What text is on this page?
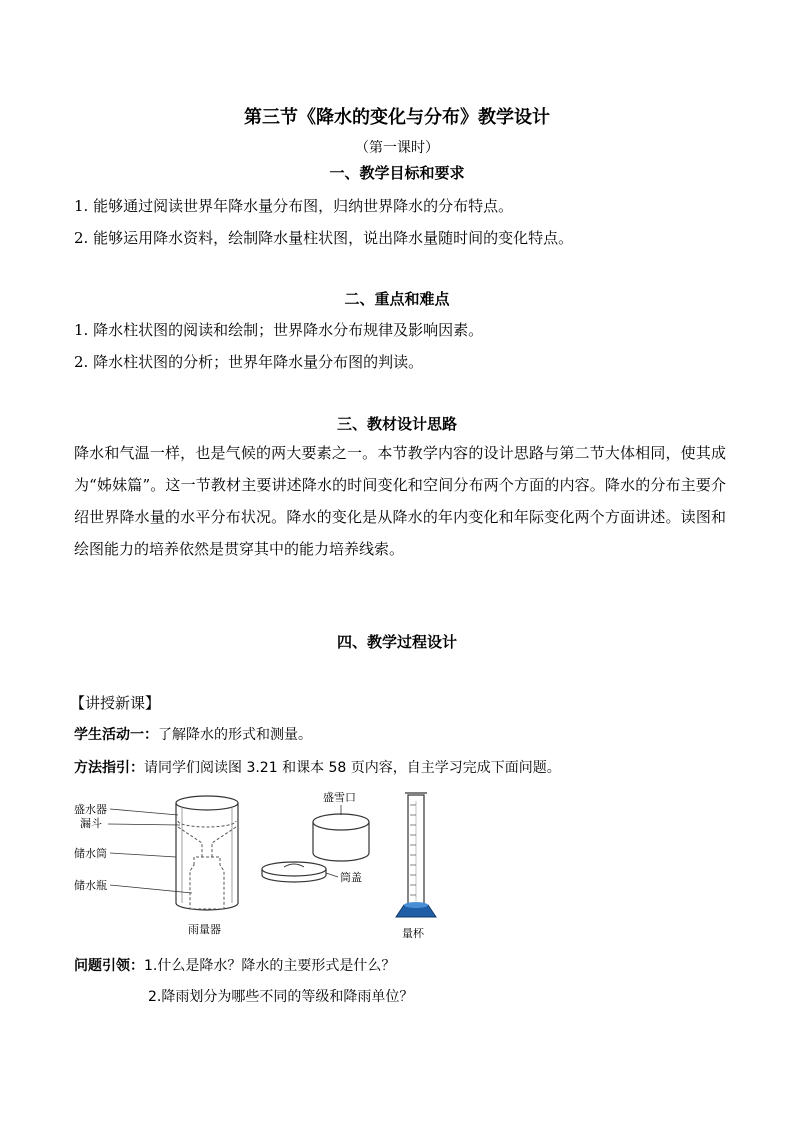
第三节《降水的变化与分布》教学设计
（第一课时）
一、教学目标和要求
1. 能够通过阅读世界年降水量分布图，归纳世界降水的分布特点。
2. 能够运用降水资料，绘制降水量柱状图，说出降水量随时间的变化特点。
二、重点和难点
1. 降水柱状图的阅读和绘制；世界降水分布规律及影响因素。
2. 降水柱状图的分析；世界年降水量分布图的判读。
三、教材设计思路
降水和气温一样，也是气候的两大要素之一。本节教学内容的设计思路与第二节大体相同，使其成为“姊妹篇”。这一节教材主要讲述降水的时间变化和空间分布两个方面的内容。降水的分布主要介绍世界降水量的水平分布状况。降水的变化是从降水的年内变化和年际变化两个方面讲述。读图和绘图能力的培养依然是贯穿其中的能力培养线索。
四、教学过程设计
【讲授新课】
学生活动一：了解降水的形式和测量。
方法指引：请同学们阅读图 3.21 和课本 58 页内容，自主学习完成下面问题。
盛水器
漏斗
储水筒
储水瓶
雨量器
盛雪口
筒盖
量杯
问题引领：1.什么是降水？降水的主要形式是什么？
2.降雨划分为哪些不同的等级和降雨单位？
